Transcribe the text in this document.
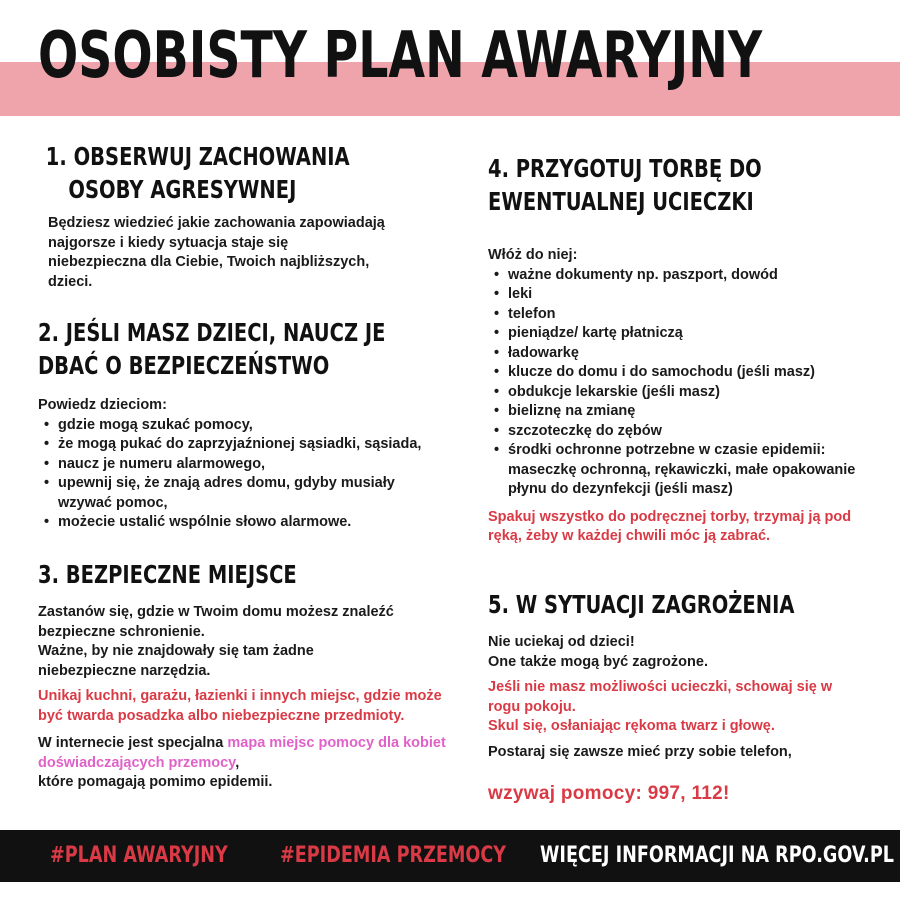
OSOBISTY PLAN AWARYJNY
1. OBSERWUJ ZACHOWANIA
OSOBY AGRESYWNEJ

Będziesz wiedzieć jakie zachowania zapowiadają najgorsze i kiedy sytuacja staje się niebezpieczna dla Ciebie, Twoich najbliższych, dzieci.

2. JEŚLI MASZ DZIECI, NAUCZ JE
DBAĆ O BEZPIECZEŃSTWO

Powiedz dzieciom:

• gdzie mogą szukać pomocy,
• że mogą pukać do zaprzyjaźnionej sąsiadki, sąsiada,
• naucz je numeru alarmowego,
• upewnij się, że znają adres domu, gdyby musiały wzywać pomoc,
• możecie ustalić wspólnie słowo alarmowe.
3. BEZPIECZNE MIEJSCE

Zastanów się, gdzie w Twoim domu możesz znaleźć bezpieczne schronienie.

Ważne, by nie znajdowały się tam żadne niebezpieczne narzędzia.

Unikaj kuchni, garażu, łazienki i innych miejsc, gdzie może być twarda posadzka albo niebezpieczne przedmioty.

W internecie jest specjalna mapa miejsc pomocy dla kobiet doświadczających przemocy,
które pomagają pomimo epidemii.

4. PRZYGOTUJ TORBĘ DO
EWENTUALNEJ UCIECZKI

Włóż do niej:

• ważne dokumenty np. paszport, dowód
• leki
• telefon
• pieniądze/ kartę płatniczą
• ładowarkę
• klucze do domu i do samochodu (jeśli masz)
• obdukcje lekarskie (jeśli masz)
• bieliznę na zmianę
• szczoteczkę do zębów
• środki ochronne potrzebne w czasie epidemii: maseczkę ochronną, rękawiczki, małe opakowanie płynu do dezynfekcji (jeśli masz)

Spakuj wszystko do podręcznej torby, trzymaj ją pod ręką, żeby w każdej chwili móc ją zabrać.

5. W SYTUACJI ZAGROŻENIA

Nie uciekaj od dzieci!

One także mogą być zagrożone.

Jeśli nie masz możliwości ucieczki, schowaj się w rogu pokoju.

Skul się, osłaniając rękoma twarz i głowę.

Postaraj się zawsze mieć przy sobie telefon,

wzywaj pomocy: 997, 112!

#PLAN AWARYJNY #EPIDEMIA PRZEMOCY WIĘCEJ INFORMACJI NA RPO.GOV.PL
